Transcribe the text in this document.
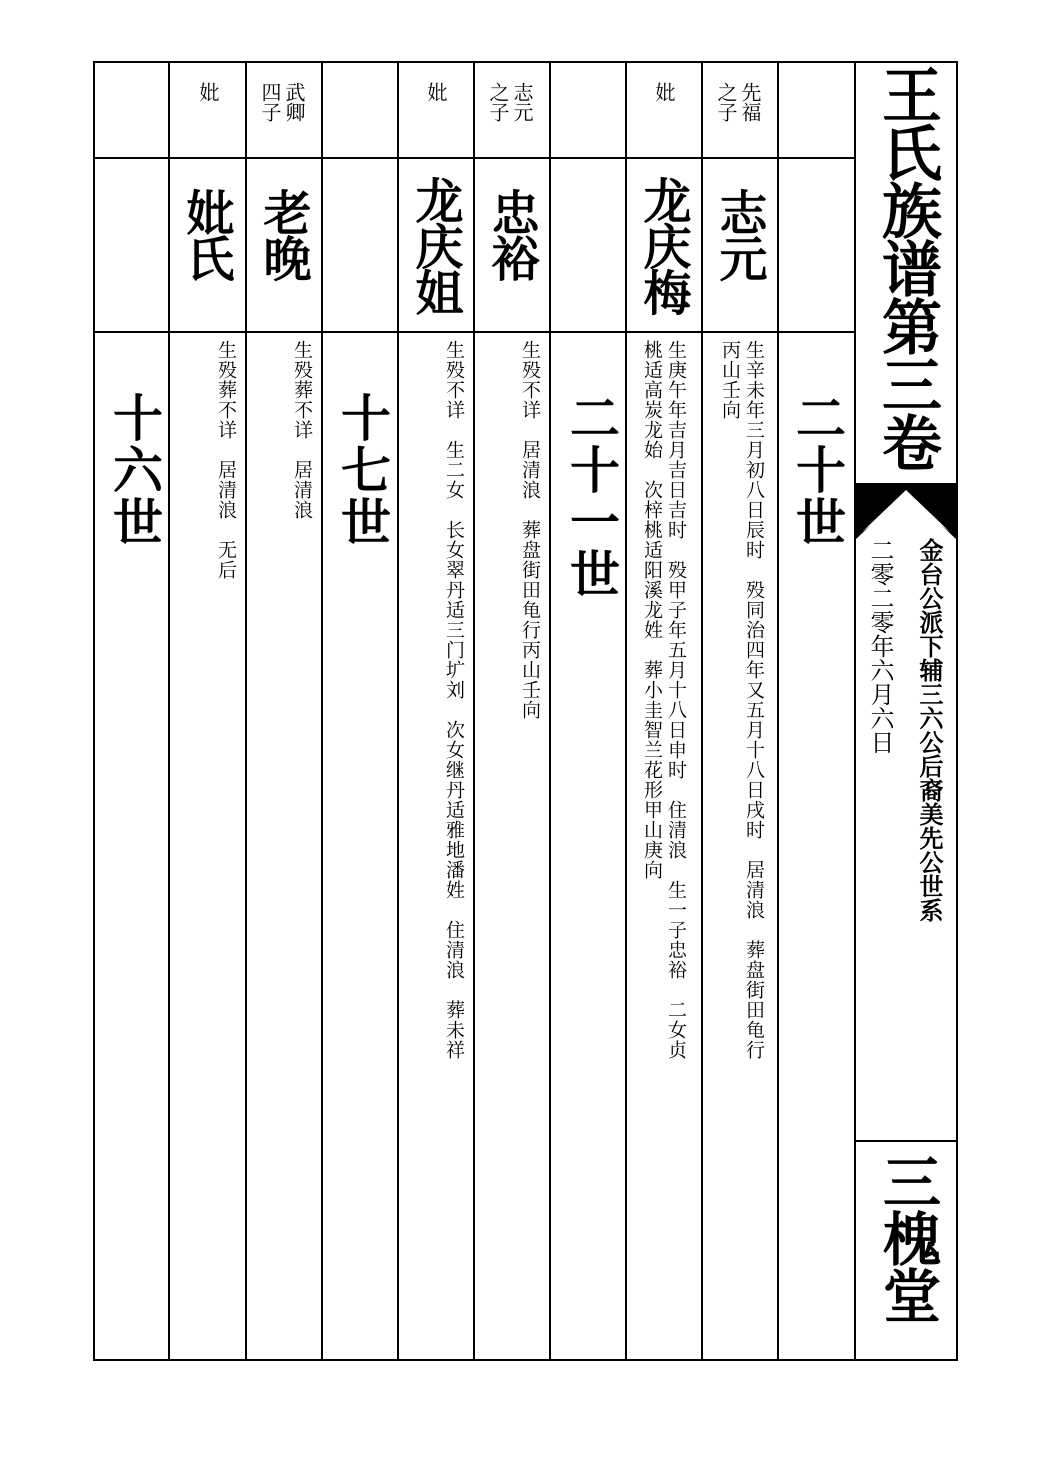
王氏族谱第三卷
金台公派下辅三六公后裔美先公世系
二零二零年六月六日
三槐堂
二十世
二十一世
十七世
十六世
先福
之子
志元
生辛未年三月初八日辰时　殁同治四年又五月十八日戌时　居清浪　葬盘街田龟行
丙山壬向
妣
龙庆梅
生庚午年吉月吉日吉时　殁甲子年五月十八日申时　住清浪　生一子忠裕　二女贞
桃适高炭龙始　次梓桃适阳溪龙姓　葬小圭智兰花形甲山庚向
志元
之子
忠裕
生殁不详　居清浪　葬盘街田龟行丙山壬向
妣
龙庆姐
生殁不详　生二女　长女翠丹适三门圹刘　次女继丹适雅地潘姓　住清浪　葬未祥
武卿
四子
老晚
生殁葬不详　居清浪
妣
妣氏
生殁葬不详　居清浪　无后
